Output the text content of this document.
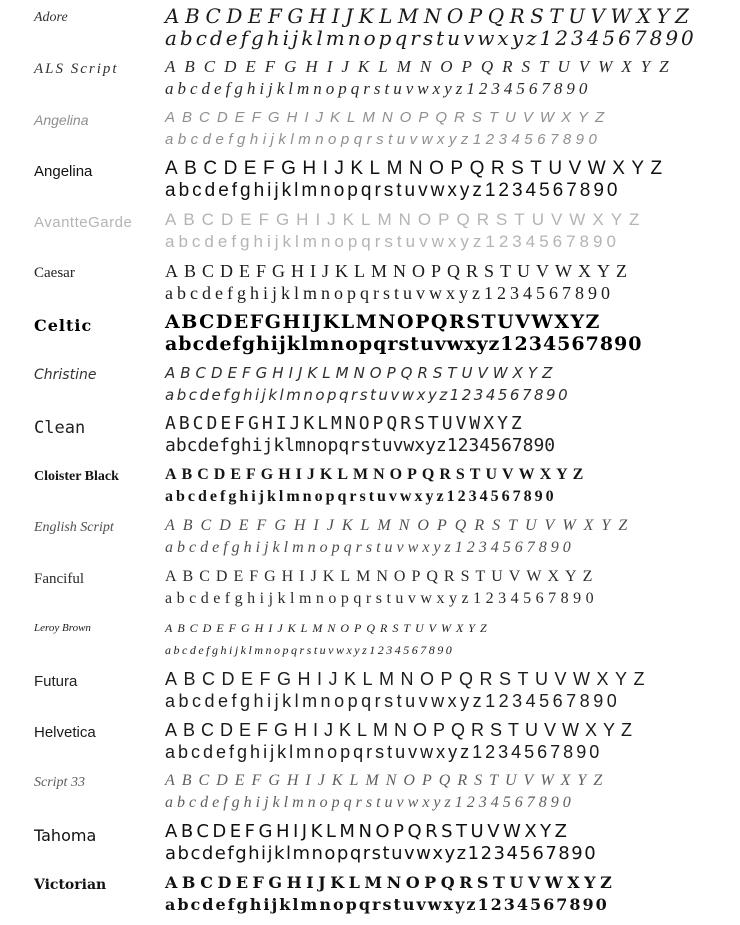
Adore	ABCDEFGHIJKLMNOPQRSTUVWXYZ
abcdefghijklmnopqrstuvwxyz1234567890
ALS Script	ABCDEFGHIJKLMNOPQRSTUVWXYZ
abcdefghijklmnopqrstuvwxyz1234567890
Angelina	ABCDEFGHIJKLMNOPQRSTUVWXYZ
abcdefghijklmnopqrstuvwxyz1234567890
Angelina	ABCDEFGHIJKLMNOPQRSTUVWXYZ
abcdefghijklmnopqrstuvwxyz1234567890
AvantteGarde	ABCDEFGHIJKLMNOPQRSTUVWXYZ
abcdefghijklmnopqrstuvwxyz1234567890
Caesar	ABCDEFGHIJKLMNOPQRSTUVWXYZ
abcdefghijklmnopqrstuvwxyz1234567890
Celtic	ABCDEFGHIJKLMNOPQRSTUVWXYZ
abcdefghijklmnopqrstuvwxyz1234567890
Christine	ABCDEFGHIJKLMNOPQRSTUVWXYZ
abcdefghijklmnopqrstuvwxyz1234567890
Clean	ABCDEFGHIJKLMNOPQRSTUVWXYZ
abcdefghijklmnopqrstuvwxyz1234567890
Cloister Black	ABCDEFGHIJKLMNOPQRSTUVWXYZ
abcdefghijklmnopqrstuvwxyz1234567890
English Script	ABCDEFGHIJKLMNOPQRSTUVWXYZ
abcdefghijklmnopqrstuvwxyz1234567890
Fanciful	ABCDEFGHIJKLMNOPQRSTUVWXYZ
abcdefghijklmnopqrstuvwxyz1234567890
Leroy Brown	ABCDEFGHIJKLMNOPQRSTUVWXYZ
abcdefghijklmnopqrstuvwxyz1234567890
Futura	ABCDEFGHIJKLMNOPQRSTUVWXYZ
abcdefghijklmnopqrstuvwxyz1234567890
Helvetica	ABCDEFGHIJKLMNOPQRSTUVWXYZ
abcdefghijklmnopqrstuvwxyz1234567890
Script 33	ABCDEFGHIJKLMNOPQRSTUVWXYZ
abcdefghijklmnopqrstuvwxyz1234567890
Tahoma	ABCDEFGHIJKLMNOPQRSTUVWXYZ
abcdefghijklmnopqrstuvwxyz1234567890
Victorian	ABCDEFGHIJKLMNOPQRSTUVWXYZ
abcdefghijklmnopqrstuvwxyz1234567890
